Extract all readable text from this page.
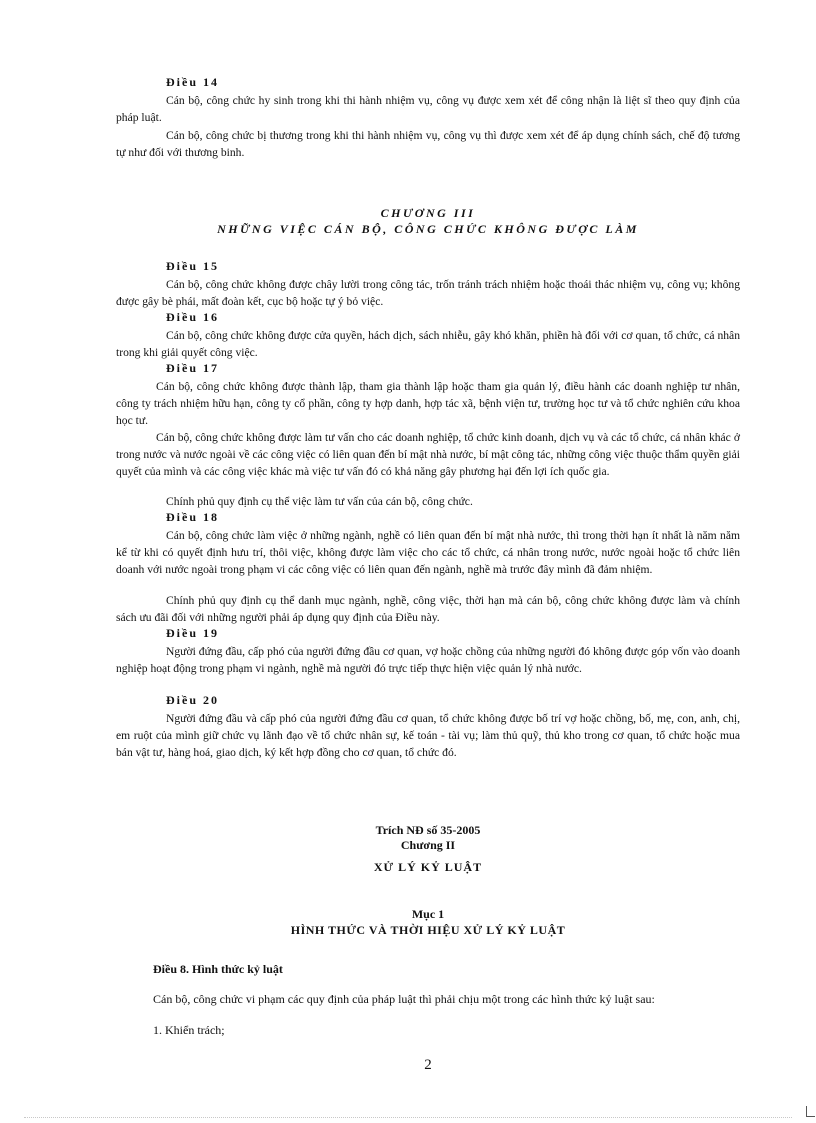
Điều 14
Cán bộ, công chức hy sinh trong khi thi hành nhiệm vụ, công vụ được xem xét để công nhận là liệt sĩ theo quy định của pháp luật.
Cán bộ, công chức bị thương trong khi thi hành nhiệm vụ, công vụ thì được xem xét để áp dụng chính sách, chế độ tương tự như đối với thương binh.
CHƯƠNG III
NHỮNG VIỆC CÁN BỘ, CÔNG CHỨC KHÔNG ĐƯỢC LÀM
Điều 15
Cán bộ, công chức không được chây lười trong công tác, trốn tránh trách nhiệm hoặc thoái thác nhiệm vụ, công vụ; không được gây bè phái, mất đoàn kết, cục bộ hoặc tự ý bỏ việc.
Điều 16
Cán bộ, công chức không được cửa quyền, hách dịch, sách nhiễu, gây khó khăn, phiền hà đối với cơ quan, tổ chức, cá nhân trong khi giải quyết công việc.
Điều 17
Cán bộ, công chức không được thành lập, tham gia thành lập hoặc tham gia quản lý, điều hành các doanh nghiệp tư nhân, công ty trách nhiệm hữu hạn, công ty cổ phần, công ty hợp danh, hợp tác xã, bệnh viện tư, trường học tư và tổ chức nghiên cứu khoa học tư.
Cán bộ, công chức không được làm tư vấn cho các doanh nghiệp, tổ chức kinh doanh, dịch vụ và các tổ chức, cá nhân khác ở trong nước và nước ngoài về các công việc có liên quan đến bí mật nhà nước, bí mật công tác, những công việc thuộc thẩm quyền giải quyết của mình và các công việc khác mà việc tư vấn đó có khả năng gây phương hại đến lợi ích quốc gia.
Chính phủ quy định cụ thể việc làm tư vấn của cán bộ, công chức.
Điều 18
Cán bộ, công chức làm việc ở những ngành, nghề có liên quan đến bí mật nhà nước, thì trong thời hạn ít nhất là năm năm kể từ khi có quyết định hưu trí, thôi việc, không được làm việc cho các tổ chức, cá nhân trong nước, nước ngoài hoặc tổ chức liên doanh với nước ngoài trong phạm vi các công việc có liên quan đến ngành, nghề mà trước đây mình đã đảm nhiệm.
Chính phủ quy định cụ thể danh mục ngành, nghề, công việc, thời hạn mà cán bộ, công chức không được làm và chính sách ưu đãi đối với những người phải áp dụng quy định của Điều này.
Điều 19
Người đứng đầu, cấp phó của người đứng đầu cơ quan, vợ hoặc chồng của những người đó không được góp vốn vào doanh nghiệp hoạt động trong phạm vi ngành, nghề mà người đó trực tiếp thực hiện việc quản lý nhà nước.
Điều 20
Người đứng đầu và cấp phó của người đứng đầu cơ quan, tổ chức không được bố trí vợ hoặc chồng, bố, mẹ, con, anh, chị, em ruột của mình giữ chức vụ lãnh đạo về tổ chức nhân sự, kế toán - tài vụ; làm thủ quỹ, thủ kho trong cơ quan, tổ chức hoặc mua bán vật tư, hàng hoá, giao dịch, ký kết hợp đồng cho cơ quan, tổ chức đó.
Trích NĐ số 35-2005
Chương II
XỬ LÝ KỶ LUẬT
Mục 1
HÌNH THỨC VÀ THỜI HIỆU XỬ LÝ KỶ LUẬT
Điều 8. Hình thức kỷ luật
Cán bộ, công chức vi phạm các quy định của pháp luật thì phải chịu một trong các hình thức kỷ luật sau:
1. Khiển trách;
2
